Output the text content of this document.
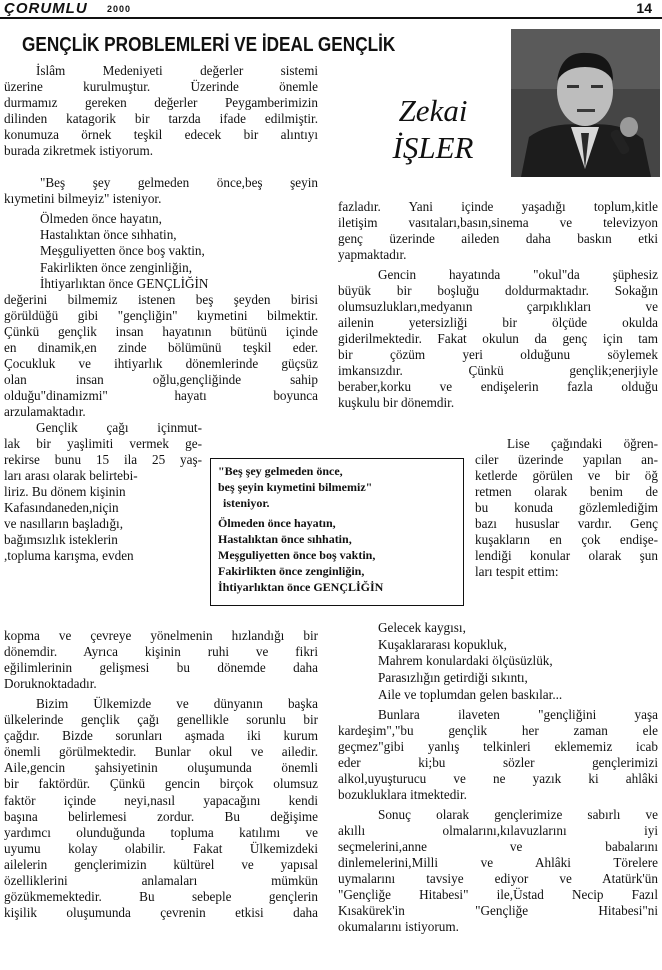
ÇORUMLU 2000	14
GENÇLİK PROBLEMLERİ VE İDEAL GENÇLİK
Zekai
İŞLER
İslâm Medeniyeti değerler sistemi
üzerine kurulmuştur. Üzerinde önemle
durmamız gereken değerler Peygamberimizin
dilinden katagorik bir tarzda ifade edilmiştir.
konumuza örnek teşkil edecek bir alıntıyı
burada zikretmek istiyorum.
"Beş şey gelmeden önce,beş şeyin
kıymetini bilmeyiz" isteniyor.
Ölmeden önce hayatın,
Hastalıktan önce sıhhatin,
Meşguliyetten önce boş vaktin,
Fakirlikten önce zenginliğin,
İhtiyarlıktan önce GENÇLİĞİN
değerini bilmemiz istenen beş şeyden birisi
görüldüğü gibi "gençliğin" kıymetini bilmektir.
Çünkü gençlik insan hayatının bütünü içinde
en dinamik,en zinde bölümünü teşkil eder.
Çocukluk ve ihtiyarlık dönemlerinde güçsüz
olan insan oğlu,gençliğinde sahip
olduğu"dinamizmi" hayatı boyunca
arzulamaktadır.
Gençlik çağı içinmut-
lak bir yaşlimiti vermek ge-
rekirse bunu 15 ila 25 yaş-
ları arası olarak belirtebi-
liriz. Bu dönem kişinin
Kafasındaneden,niçin
ve nasılların başladığı,
bağımsızlık isteklerin
,topluma karışma, evden
kopma ve çevreye yönelmenin hızlandığı bir
dönemdir. Ayrıca kişinin ruhi ve fikri
eğilimlerinin gelişmesi bu dönemde daha
Doruknoktadadır.
Bizim Ülkemizde ve dünyanın başka
ülkelerinde gençlik çağı genellikle sorunlu bir
çağdır. Bizde sorunları aşmada iki kurum
önemli görülmektedir. Bunlar okul ve ailedir.
Aile,gencin şahsiyetinin oluşumunda önemli
bir faktördür. Çünkü gencin birçok olumsuz
faktör içinde neyi,nasıl yapacağını kendi
başına belirlemesi zordur. Bu değişime
yardımcı olunduğunda topluma katılımı ve
uyumu kolay olabilir. Fakat Ülkemizdeki
ailelerin gençlerimizin kültürel ve yapısal
özelliklerini anlamaları mümkün
gözükmemektedir. Bu sebeple gençlerin
kişilik oluşumunda çevrenin etkisi daha
fazladır. Yani içinde yaşadığı toplum,kitle
iletişim vasıtaları,basın,sinema ve televizyon
genç üzerinde aileden daha baskın etki
yapmaktadır.
Gencin hayatında "okul"da şüphesiz
büyük bir boşluğu doldurmaktadır. Sokağın
olumsuzlukları,medyanın çarpıklıkları ve
ailenin yetersizliği bir ölçüde okulda
giderilmektedir. Fakat okulun da genç için tam
bir çözüm yeri olduğunu söylemek
imkansızdır. Çünkü gençlik;enerjiyle
beraber,korku ve endişelerin fazla olduğu
kuşkulu bir dönemdir.
Lise çağındaki öğren-
ciler üzerinde yapılan an-
ketlerde görülen ve bir öğ
retmen olarak benim de
bu konuda gözlemlediğim
bazı hususlar vardır. Genç
kuşakların en çok endişe-
lendiği konular olarak şun
ları tespit ettim:
Gelecek kaygısı,
Kuşaklararası kopukluk,
Mahrem konulardaki ölçüsüzlük,
Parasızlığın getirdiği sıkıntı,
Aile ve toplumdan gelen baskılar...
Bunlara ilaveten "gençliğini yaşa
kardeşim","bu gençlik her zaman ele
geçmez"gibi yanlış telkinleri eklememiz icab
eder ki;bu sözler gençlerimizi
alkol,uyuşturucu ve ne yazık ki ahlâki
bozukluklara itmektedir.
Sonuç olarak gençlerimize sabırlı ve
akıllı olmalarını,kılavuzlarını iyi
seçmelerini,anne ve babalarını
dinlemelerini,Milli ve Ahlâki Törelere
uymalarını tavsiye ediyor ve Atatürk'ün
"Gençliğe Hitabesi" ile,Üstad Necip Fazıl
Kısakürek'in "Gençliğe Hitabesi"ni
okumalarını istiyorum.
"Beş şey gelmeden önce,
beş şeyin kıymetini bilmemiz"
isteniyor.
Ölmeden önce hayatın,
Hastalıktan önce sıhhatin,
Meşguliyetten önce boş vaktin,
Fakirlikten önce zenginliğin,
İhtiyarlıktan önce GENÇLİĞİN
